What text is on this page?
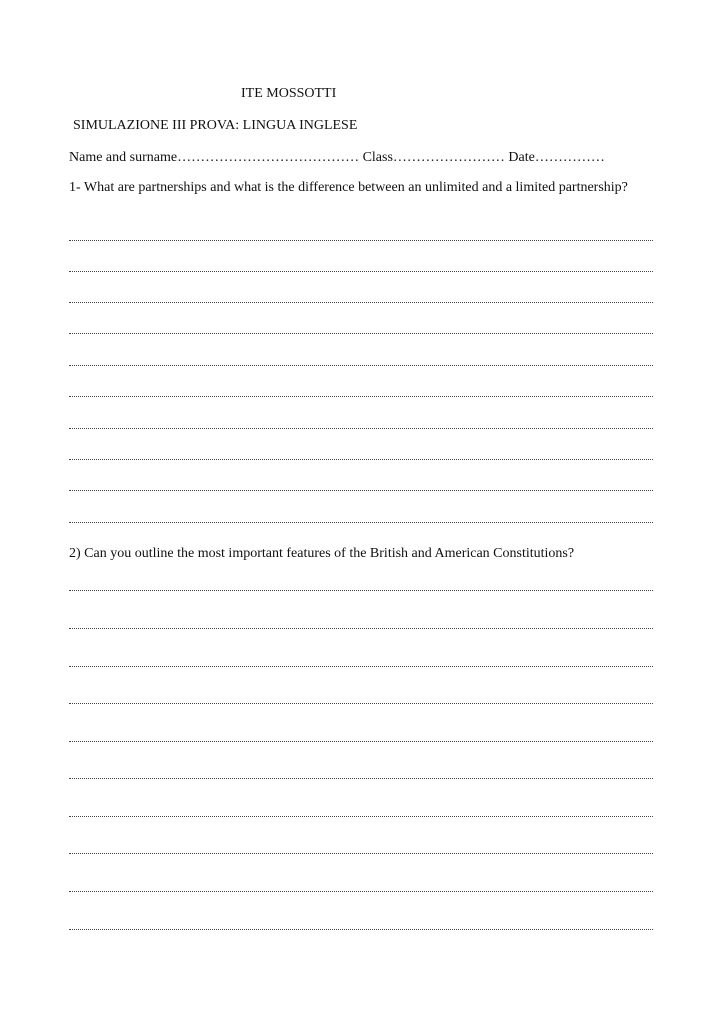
ITE MOSSOTTI
SIMULAZIONE III PROVA: LINGUA INGLESE
Name and surname………………………………… Class…………………… Date……………
1- What are partnerships and what is the difference between an unlimited and a limited partnership?
2) Can you outline the most important features of the British and American Constitutions?
